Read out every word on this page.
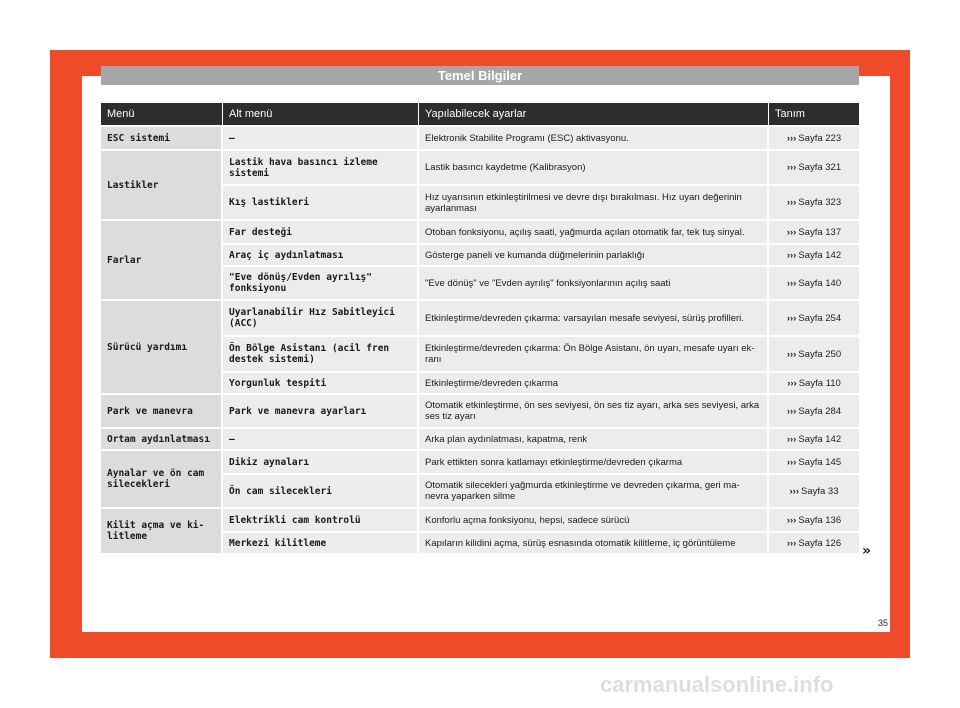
Temel Bilgiler
Menü	Alt menü	Yapılabilecek ayarlar	Tanım
ESC sistemi	–	Elektronik Stabilite Programı (ESC) aktivasyonu.	››› Sayfa 223
Lastikler	Lastik hava basıncı izleme sistemi	Lastik basıncı kaydetme (Kalibrasyon)	››› Sayfa 321
	Kış lastikleri	Hız uyarısının etkinleştirilmesi ve devre dışı bırakılması. Hız uyarı değerinin ayarlanması	››› Sayfa 323
Farlar	Far desteği	Otoban fonksiyonu, açılış saati, yağmurda açılan otomatik far, tek tuş sinyal.	››› Sayfa 137
	Araç iç aydınlatması	Gösterge paneli ve kumanda düğmelerinin parlaklığı	››› Sayfa 142
	"Eve dönüş/Evden ayrılış" fonksiyonu	"Eve dönüş" ve "Evden ayrılış" fonksiyonlarının açılış saati	››› Sayfa 140
Sürücü yardımı	Uyarlanabilir Hız Sabitleyici (ACC)	Etkinleştirme/devreden çıkarma: varsayılan mesafe seviyesi, sürüş profilleri.	››› Sayfa 254
	Ön Bölge Asistanı (acil fren destek sistemi)	Etkinleştirme/devreden çıkarma: Ön Bölge Asistanı, ön uyarı, mesafe uyarı ek- ranı	››› Sayfa 250
	Yorgunluk tespiti	Etkinleştirme/devreden çıkarma	››› Sayfa 110
Park ve manevra	Park ve manevra ayarları	Otomatik etkinleştirme, ön ses seviyesi, ön ses tiz ayarı, arka ses seviyesi, arka ses tiz ayarı	››› Sayfa 284
Ortam aydınlatması	–	Arka plan aydınlatması, kapatma, renk	››› Sayfa 142
Aynalar ve ön cam silecekleri	Dikiz aynaları	Park ettikten sonra katlamayı etkinleştirme/devreden çıkarma	››› Sayfa 145
	Ön cam silecekleri	Otomatik silecekleri yağmurda etkinleştirme ve devreden çıkarma, geri ma- nevra yaparken silme	››› Sayfa 33
Kilit açma ve ki- litleme	Elektrikli cam kontrolü	Konforlu açma fonksiyonu, hepsi, sadece sürücü	››› Sayfa 136
	Merkezi kilitleme	Kapıların kilidini açma, sürüş esnasında otomatik kilitleme, iç görüntüleme	››› Sayfa 126 »
35
carmanualsonline.info
